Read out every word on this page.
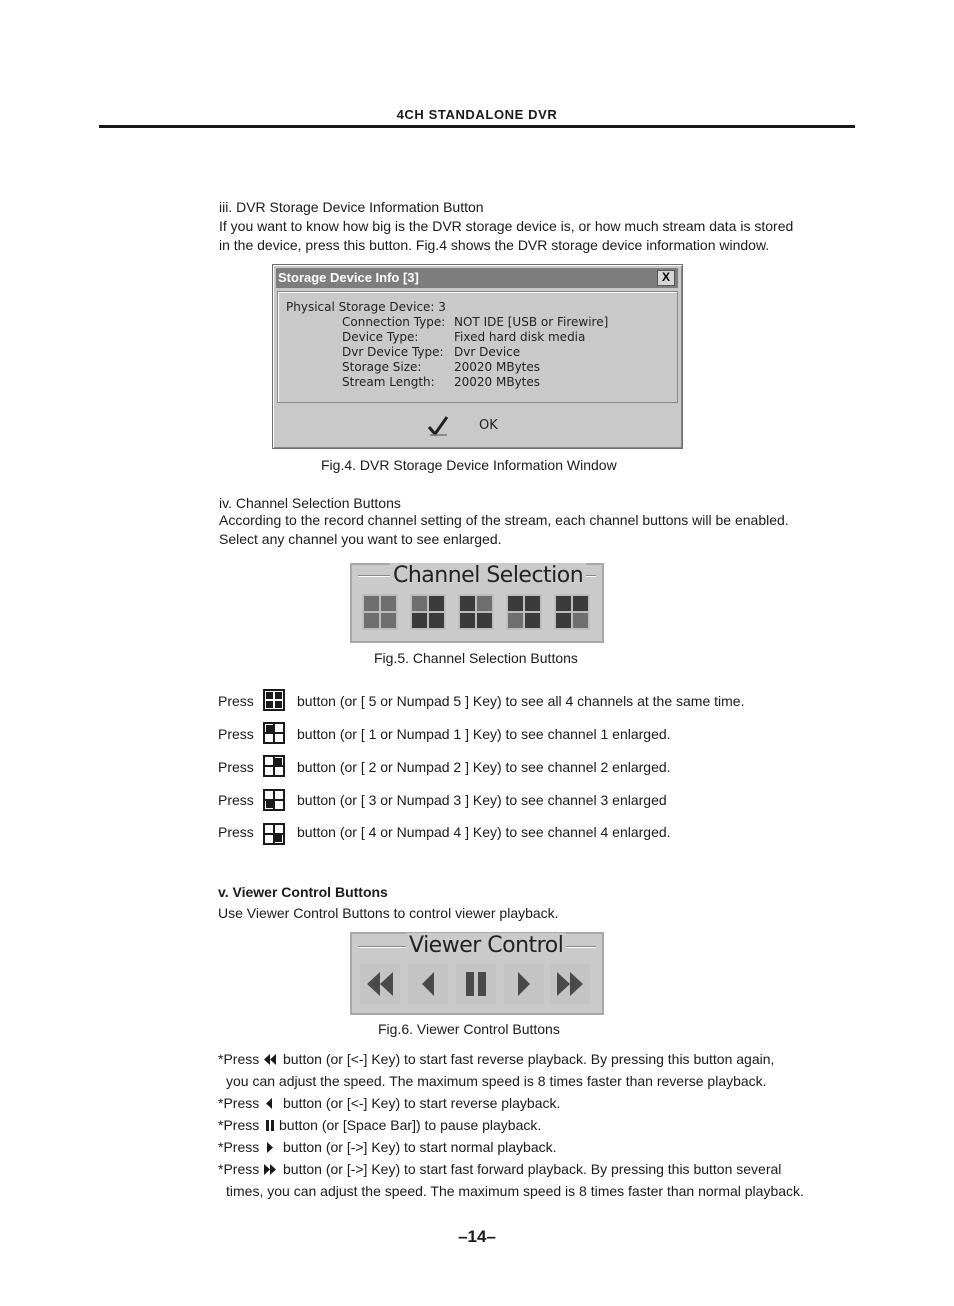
4CH STANDALONE DVR
iii. DVR Storage Device Information Button
If you want to know how big is the DVR storage device is, or how much stream data is stored
in the device, press this button. Fig.4 shows the DVR storage device information window.
Storage Device Info [3]	X
Physical Storage Device: 3
Connection Type: NOT IDE [USB or Firewire]
Device Type:	Fixed hard disk media
Dvr Device Type: Dvr Device
Storage Size:	20020 MBytes
Stream Length: 20020 MBytes
OK
Fig.4. DVR Storage Device Information Window
iv. Channel Selection Buttons
According to the record channel setting of the stream, each channel buttons will be enabled.
Select any channel you want to see enlarged.
Channel Selection
Fig.5. Channel Selection Buttons
Press	button (or [ 5 or Numpad 5 ] Key) to see all 4 channels at the same time.
Press	button (or [ 1 or Numpad 1 ] Key) to see channel 1 enlarged.
Press	button (or [ 2 or Numpad 2 ] Key) to see channel 2 enlarged.
Press	button (or [ 3 or Numpad 3 ] Key) to see channel 3 enlarged
Press	button (or [ 4 or Numpad 4 ] Key) to see channel 4 enlarged.
v. Viewer Control Buttons
Use Viewer Control Buttons to control viewer playback.
Viewer Control
Fig.6. Viewer Control Buttons
*Press button (or [<-] Key) to start fast reverse playback. By pressing this button again,
you can adjust the speed. The maximum speed is 8 times faster than reverse playback.
*Press button (or [<-] Key) to start reverse playback.
*Press button (or [Space Bar]) to pause playback.
*Press button (or [->] Key) to start normal playback.
*Press button (or [->] Key) to start fast forward playback. By pressing this button several
times, you can adjust the speed. The maximum speed is 8 times faster than normal playback.
–14–
